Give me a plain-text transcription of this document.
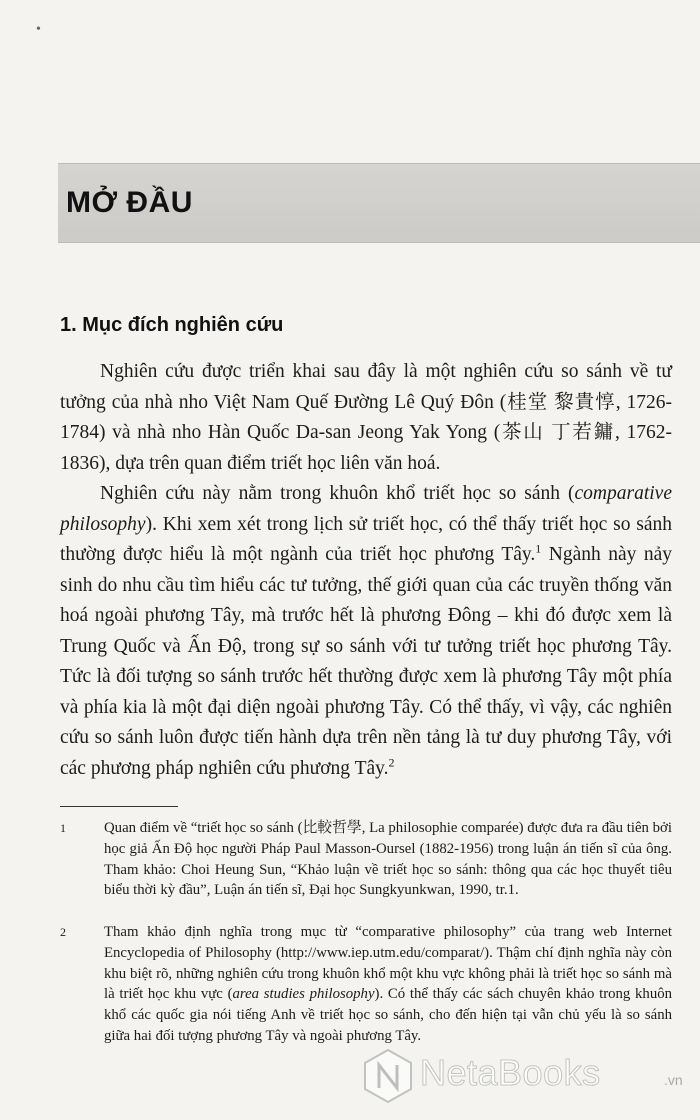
•
MỞ ĐẦU
1. Mục đích nghiên cứu

Nghiên cứu được triển khai sau đây là một nghiên cứu so sánh về tư tưởng của nhà nho Việt Nam Quế Đường Lê Quý Đôn (桂堂 黎貴惇, 1726-1784) và nhà nho Hàn Quốc Da-san Jeong Yak Yong (茶山 丁若鏞, 1762-1836), dựa trên quan điểm triết học liên văn hoá.

Nghiên cứu này nằm trong khuôn khổ triết học so sánh (comparative philosophy). Khi xem xét trong lịch sử triết học, có thể thấy triết học so sánh thường được hiểu là một ngành của triết học phương Tây.$^1$ Ngành này nảy sinh do nhu cầu tìm hiểu các tư tưởng, thế giới quan của các truyền thống văn hoá ngoài phương Tây, mà trước hết là phương Đông – khi đó được xem là Trung Quốc và Ấn Độ, trong sự so sánh với tư tưởng triết học phương Tây. Tức là đối tượng so sánh trước hết thường được xem là phương Tây một phía và phía kia là một đại diện ngoài phương Tây. Có thể thấy, vì vậy, các nghiên cứu so sánh luôn được tiến hành dựa trên nền tảng là tư duy phương Tây, với các phương pháp nghiên cứu phương Tây.$^2$

1	Quan điểm về “triết học so sánh (比較哲學, La philosophie comparée) được đưa ra đầu tiên bởi học giả Ấn Độ học người Pháp Paul Masson-Oursel (1882-1956) trong luận án tiến sĩ của ông. Tham khảo: Choi Heung Sun, “Khảo luận về triết học so sánh: thông qua các học thuyết tiêu biểu thời kỳ đầu”, Luận án tiến sĩ, Đại học Sungkyunkwan, 1990, tr.1.
2	Tham khảo định nghĩa trong mục từ “comparative philosophy” của trang web Internet Encyclopedia of Philosophy (http://www.iep.utm.edu/comparat/). Thậm chí định nghĩa này còn khu biệt rõ, những nghiên cứu trong khuôn khổ một khu vực không phải là triết học so sánh mà là triết học khu vực (area studies philosophy). Có thể thấy các sách chuyên khảo trong khuôn khổ các quốc gia nói tiếng Anh về triết học so sánh, cho đến hiện tại vẫn chủ yếu là so sánh giữa hai đối tượng phương Tây và ngoài phương Tây.
NetaBooks	.vn
